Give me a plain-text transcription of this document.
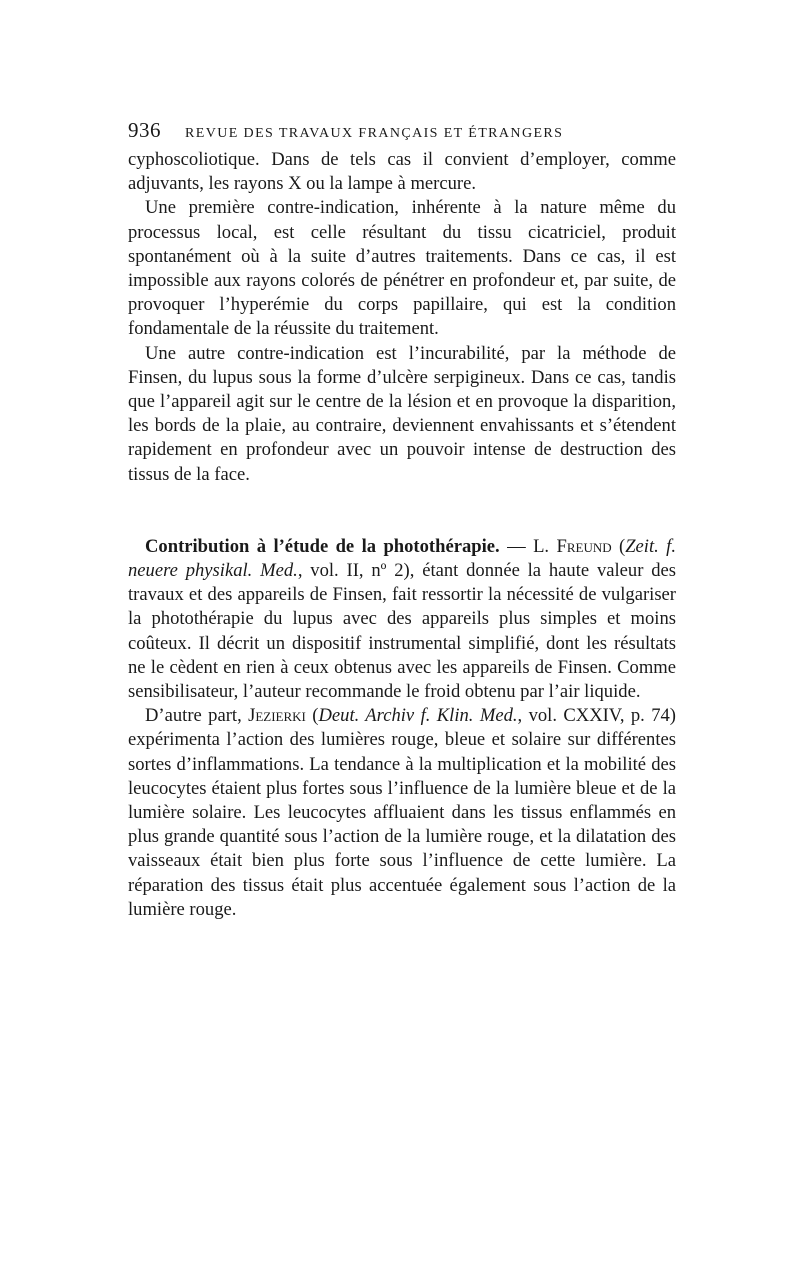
936 REVUE DES TRAVAUX FRANÇAIS ET ÉTRANGERS

cyphoscoliotique. Dans de tels cas il convient d’employer, comme adjuvants, les rayons X ou la lampe à mercure.

Une première contre-indication, inhérente à la nature même du processus local, est celle résultant du tissu cicatriciel, produit spontanément où à la suite d’autres traitements. Dans ce cas, il est impossible aux rayons colorés de pénétrer en profondeur et, par suite, de provoquer l’hyperémie du corps papillaire, qui est la condition fondamentale de la réussite du traitement.

Une autre contre-indication est l’incurabilité, par la méthode de Finsen, du lupus sous la forme d’ulcère serpigineux. Dans ce cas, tandis que l’appareil agit sur le centre de la lésion et en provoque la disparition, les bords de la plaie, au contraire, deviennent envahissants et s’étendent rapidement en profondeur avec un pouvoir intense de destruction des tissus de la face.

Contribution à l’étude de la photothérapie. — L. Freund (Zeit. f. neuere physikal. Med., vol. II, nº 2), étant donnée la haute valeur des travaux et des appareils de Finsen, fait ressortir la nécessité de vulgariser la photothérapie du lupus avec des appareils plus simples et moins coûteux. Il décrit un dispositif instrumental simplifié, dont les résultats ne le cèdent en rien à ceux obtenus avec les appareils de Finsen. Comme sensibilisateur, l’auteur recommande le froid obtenu par l’air liquide.

D’autre part, Jezierki (Deut. Archiv f. Klin. Med., vol. CXXIV, p. 74) expérimenta l’action des lumières rouge, bleue et solaire sur différentes sortes d’inflammations. La tendance à la multiplication et la mobilité des leucocytes étaient plus fortes sous l’influence de la lumière bleue et de la lumière solaire. Les leucocytes affluaient dans les tissus enflammés en plus grande quantité sous l’action de la lumière rouge, et la dilatation des vaisseaux était bien plus forte sous l’influence de cette lumière. La réparation des tissus était plus accentuée également sous l’action de la lumière rouge.
